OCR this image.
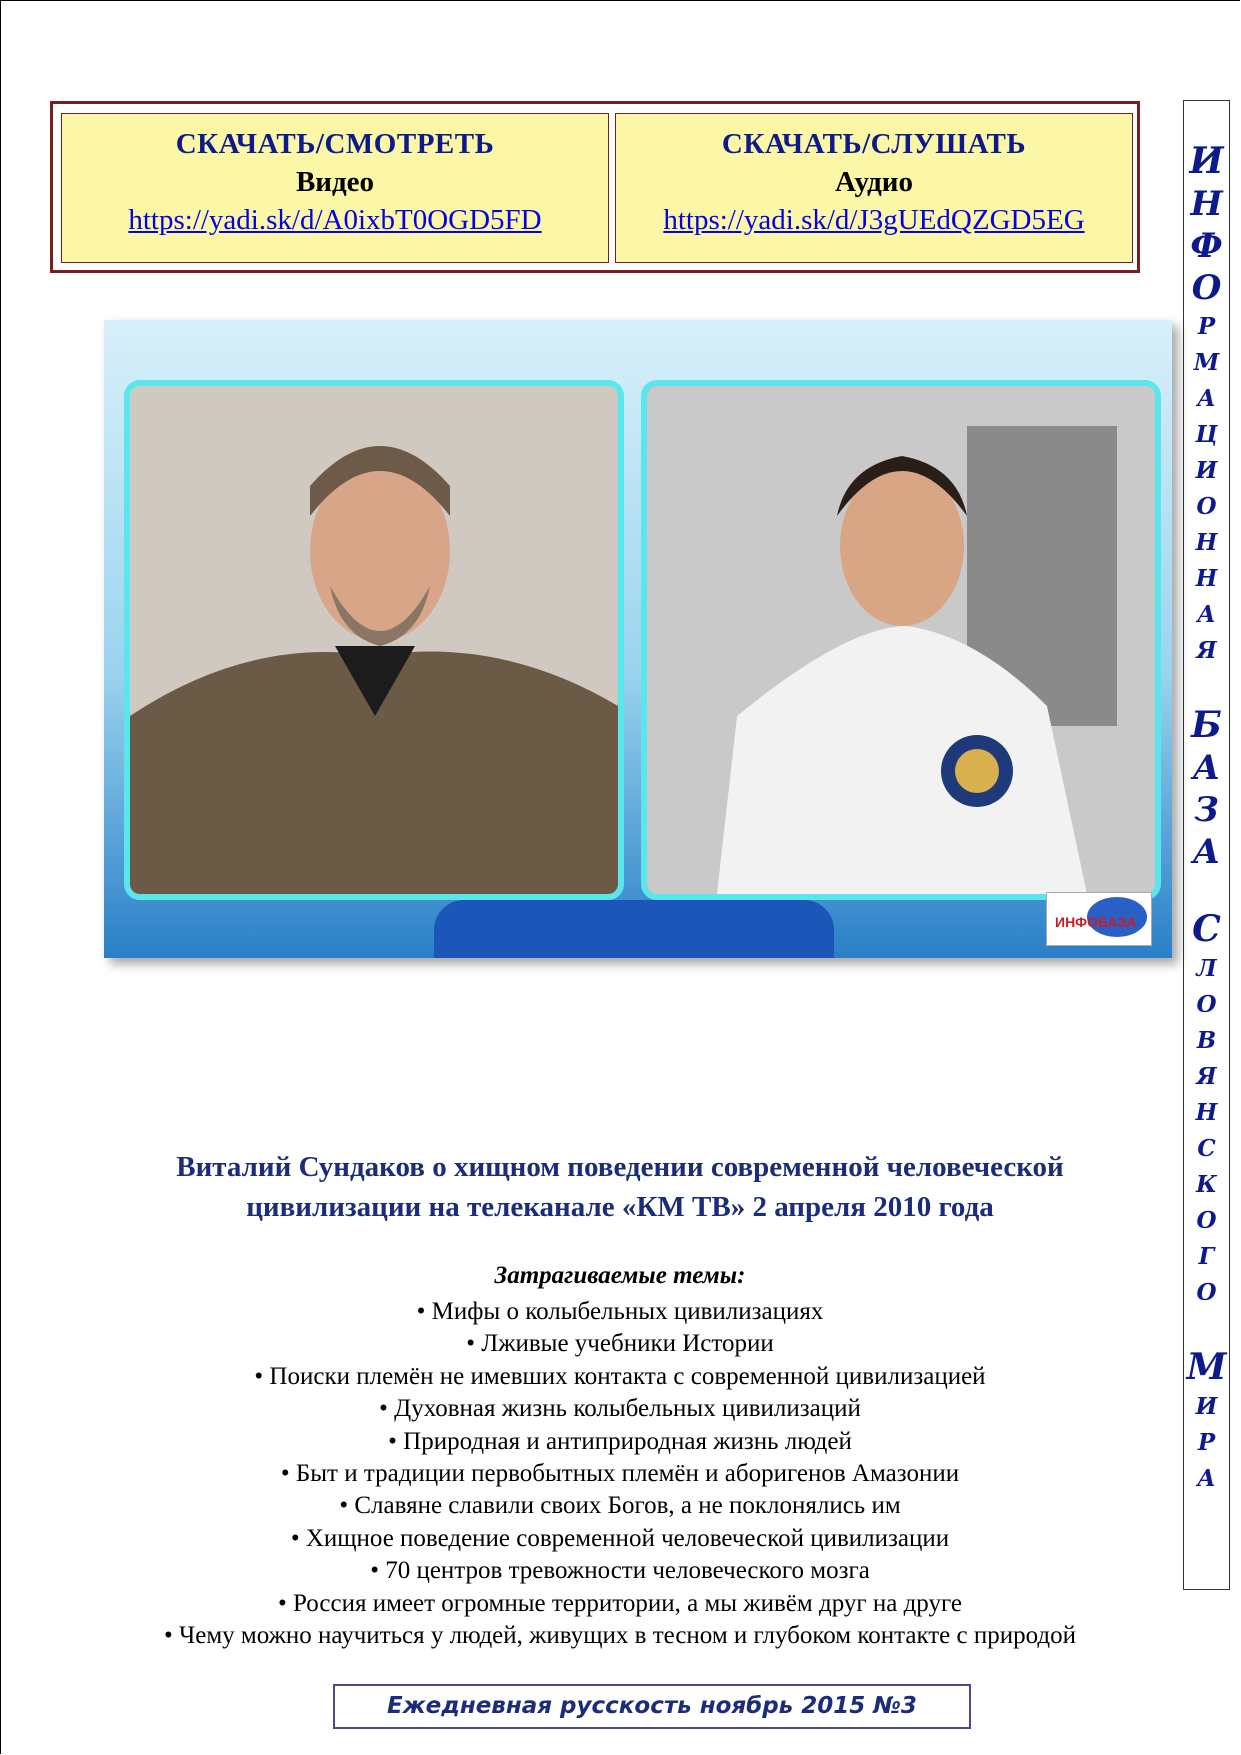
СКАЧАТЬ/СМОТРЕТЬ
Видео
https://yadi.sk/d/A0ixbT0OGD5FD
СКАЧАТЬ/СЛУШАТЬ
Аудио
https://yadi.sk/d/J3gUEdQZGD5EG
И
Н
Ф
О
Р
М
А
Ц
И
О
Н
Н
А
Я
Б
А
З
А
С
Л
О
В
Я
Н
С
К
О
Г
О
М
И
Р
А
ИНФОБАЗА
Виталий Сундаков о хищном поведении современной человеческой
цивилизации на телеканале «КМ ТВ» 2 апреля 2010 года
Затрагиваемые темы:
• Мифы о колыбельных цивилизациях
• Лживые учебники Истории
• Поиски племён не имевших контакта с современной цивилизацией
• Духовная жизнь колыбельных цивилизаций
• Природная и антиприродная жизнь людей
• Быт и традиции первобытных племён и аборигенов Амазонии
• Славяне славили своих Богов, а не поклонялись им
• Хищное поведение современной человеческой цивилизации
• 70 центров тревожности человеческого мозга
• Россия имеет огромные территории, а мы живём друг на друге
• Чему можно научиться у людей, живущих в тесном и глубоком контакте с природой
Ежедневная русскость ноябрь 2015 №3
